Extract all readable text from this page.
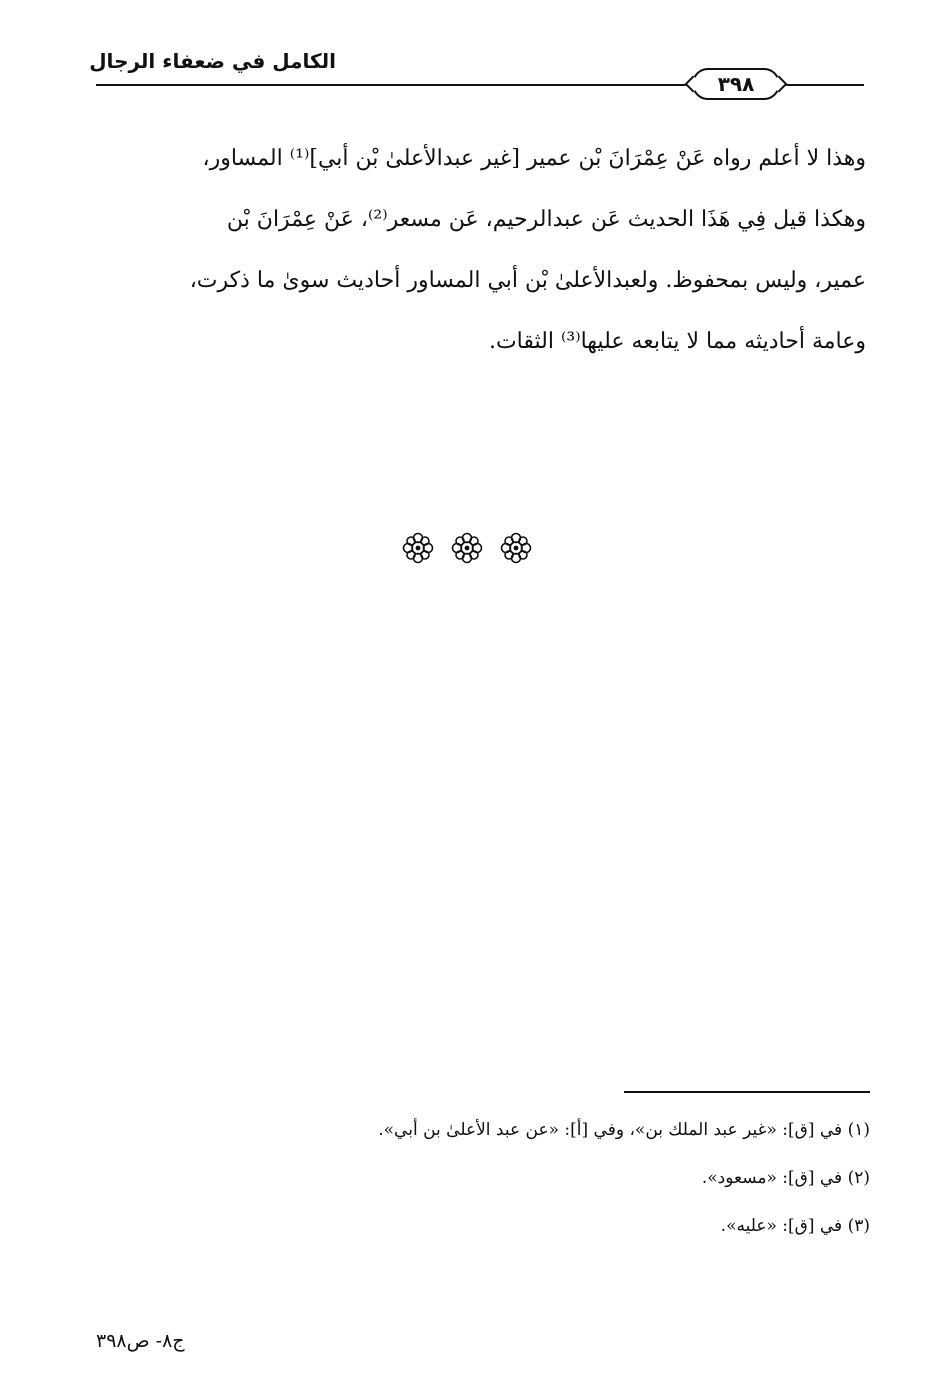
الكامل في ضعفاء الرجال
٣٩٨
وهذا لا أعلم رواه عَنْ عِمْرَانَ بْن عمير [غير عبدالأعلىٰ بْن أبي]⁽¹⁾ المساور،
وهكذا قيل فِي هَذَا الحديث عَن عبدالرحيم، عَن مسعر⁽²⁾، عَنْ عِمْرَانَ بْن
عمير، وليس بمحفوظ. ولعبدالأعلىٰ بْن أبي المساور أحاديث سوىٰ ما ذكرت،
وعامة أحاديثه مما لا يتابعه عليها⁽³⁾ الثقات.
(١) في [ق]: «غير عبد الملك بن»، وفي [أ]: «عن عبد الأعلىٰ بن أبي».
(٢) في [ق]: «مسعود».
(٣) في [ق]: «عليه».
ج٨- ص٣٩٨
